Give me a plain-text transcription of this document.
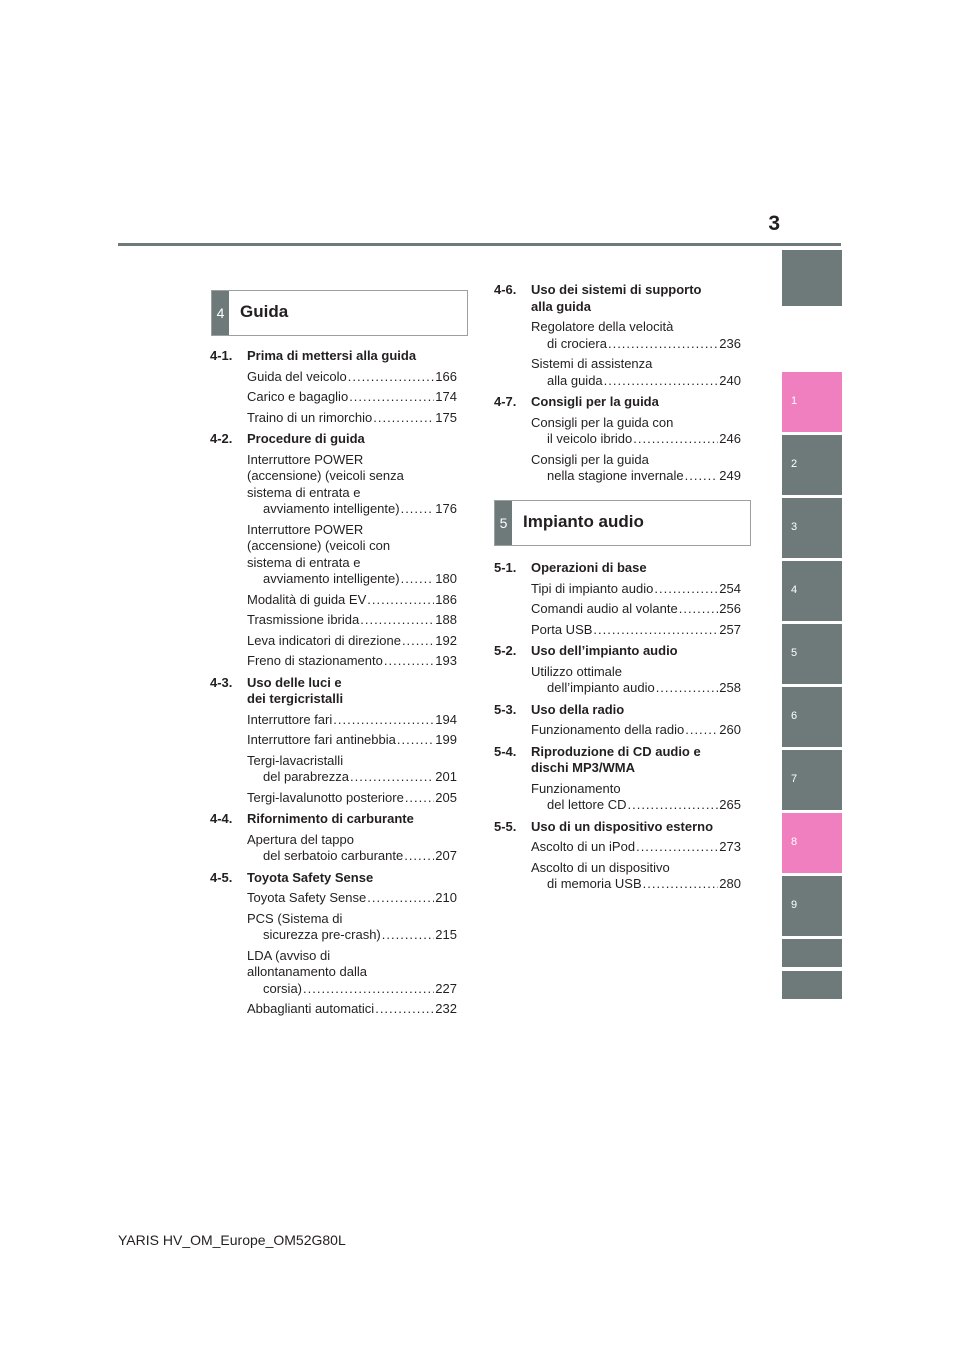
3
1
2
3
4
5
6
7
8
9
4 Guida
5 Impianto audio
4-1.	Prima di mettersi alla guida
Guida del veicolo .....	166
Carico e bagaglio .....	174
Traino di un rimorchio .....	175
4-2.	Procedure di guida
Interruttore POWER
(accensione) (veicoli senza
sistema di entrata e
avviamento intelligente) .....	176
Interruttore POWER
(accensione) (veicoli con
sistema di entrata e
avviamento intelligente) .....	180
Modalità di guida EV .....	186
Trasmissione ibrida .....	188
Leva indicatori di direzione .....	192
Freno di stazionamento .....	193
4-3.	Uso delle luci e
dei tergicristalli
Interruttore fari .....	194
Interruttore fari antinebbia .....	199
Tergi-lavacristalli
del parabrezza .....	201
Tergi-lavalunotto posteriore ..... 205
4-4.	Rifornimento di carburante
Apertura del tappo
del serbatoio carburante ..... 207
4-5.	Toyota Safety Sense
Toyota Safety Sense .....	210
PCS (Sistema di
sicurezza pre-crash) .....	215
LDA (avviso di
allontanamento dalla
corsia) .....	227
Abbaglianti automatici .....	232
4-6.	Uso dei sistemi di supporto
alla guida
Regolatore della velocità
di crociera .....	236
Sistemi di assistenza
alla guida .....	240
4-7.	Consigli per la guida
Consigli per la guida con
il veicolo ibrido .....	246
Consigli per la guida
nella stagione invernale .....	249
5-1.	Operazioni di base
Tipi di impianto audio .....	254
Comandi audio al volante .....	256
Porta USB .....	257
5-2.	Uso dell’impianto audio
Utilizzo ottimale
dell’impianto audio .....	258
5-3.	Uso della radio
Funzionamento della radio .....	260
5-4.	Riproduzione di CD audio e
dischi MP3/WMA
Funzionamento
del lettore CD .....	265
5-5.	Uso di un dispositivo esterno
Ascolto di un iPod .....	273
Ascolto di un dispositivo
di memoria USB .....	280
YARIS HV_OM_Europe_OM52G80L
